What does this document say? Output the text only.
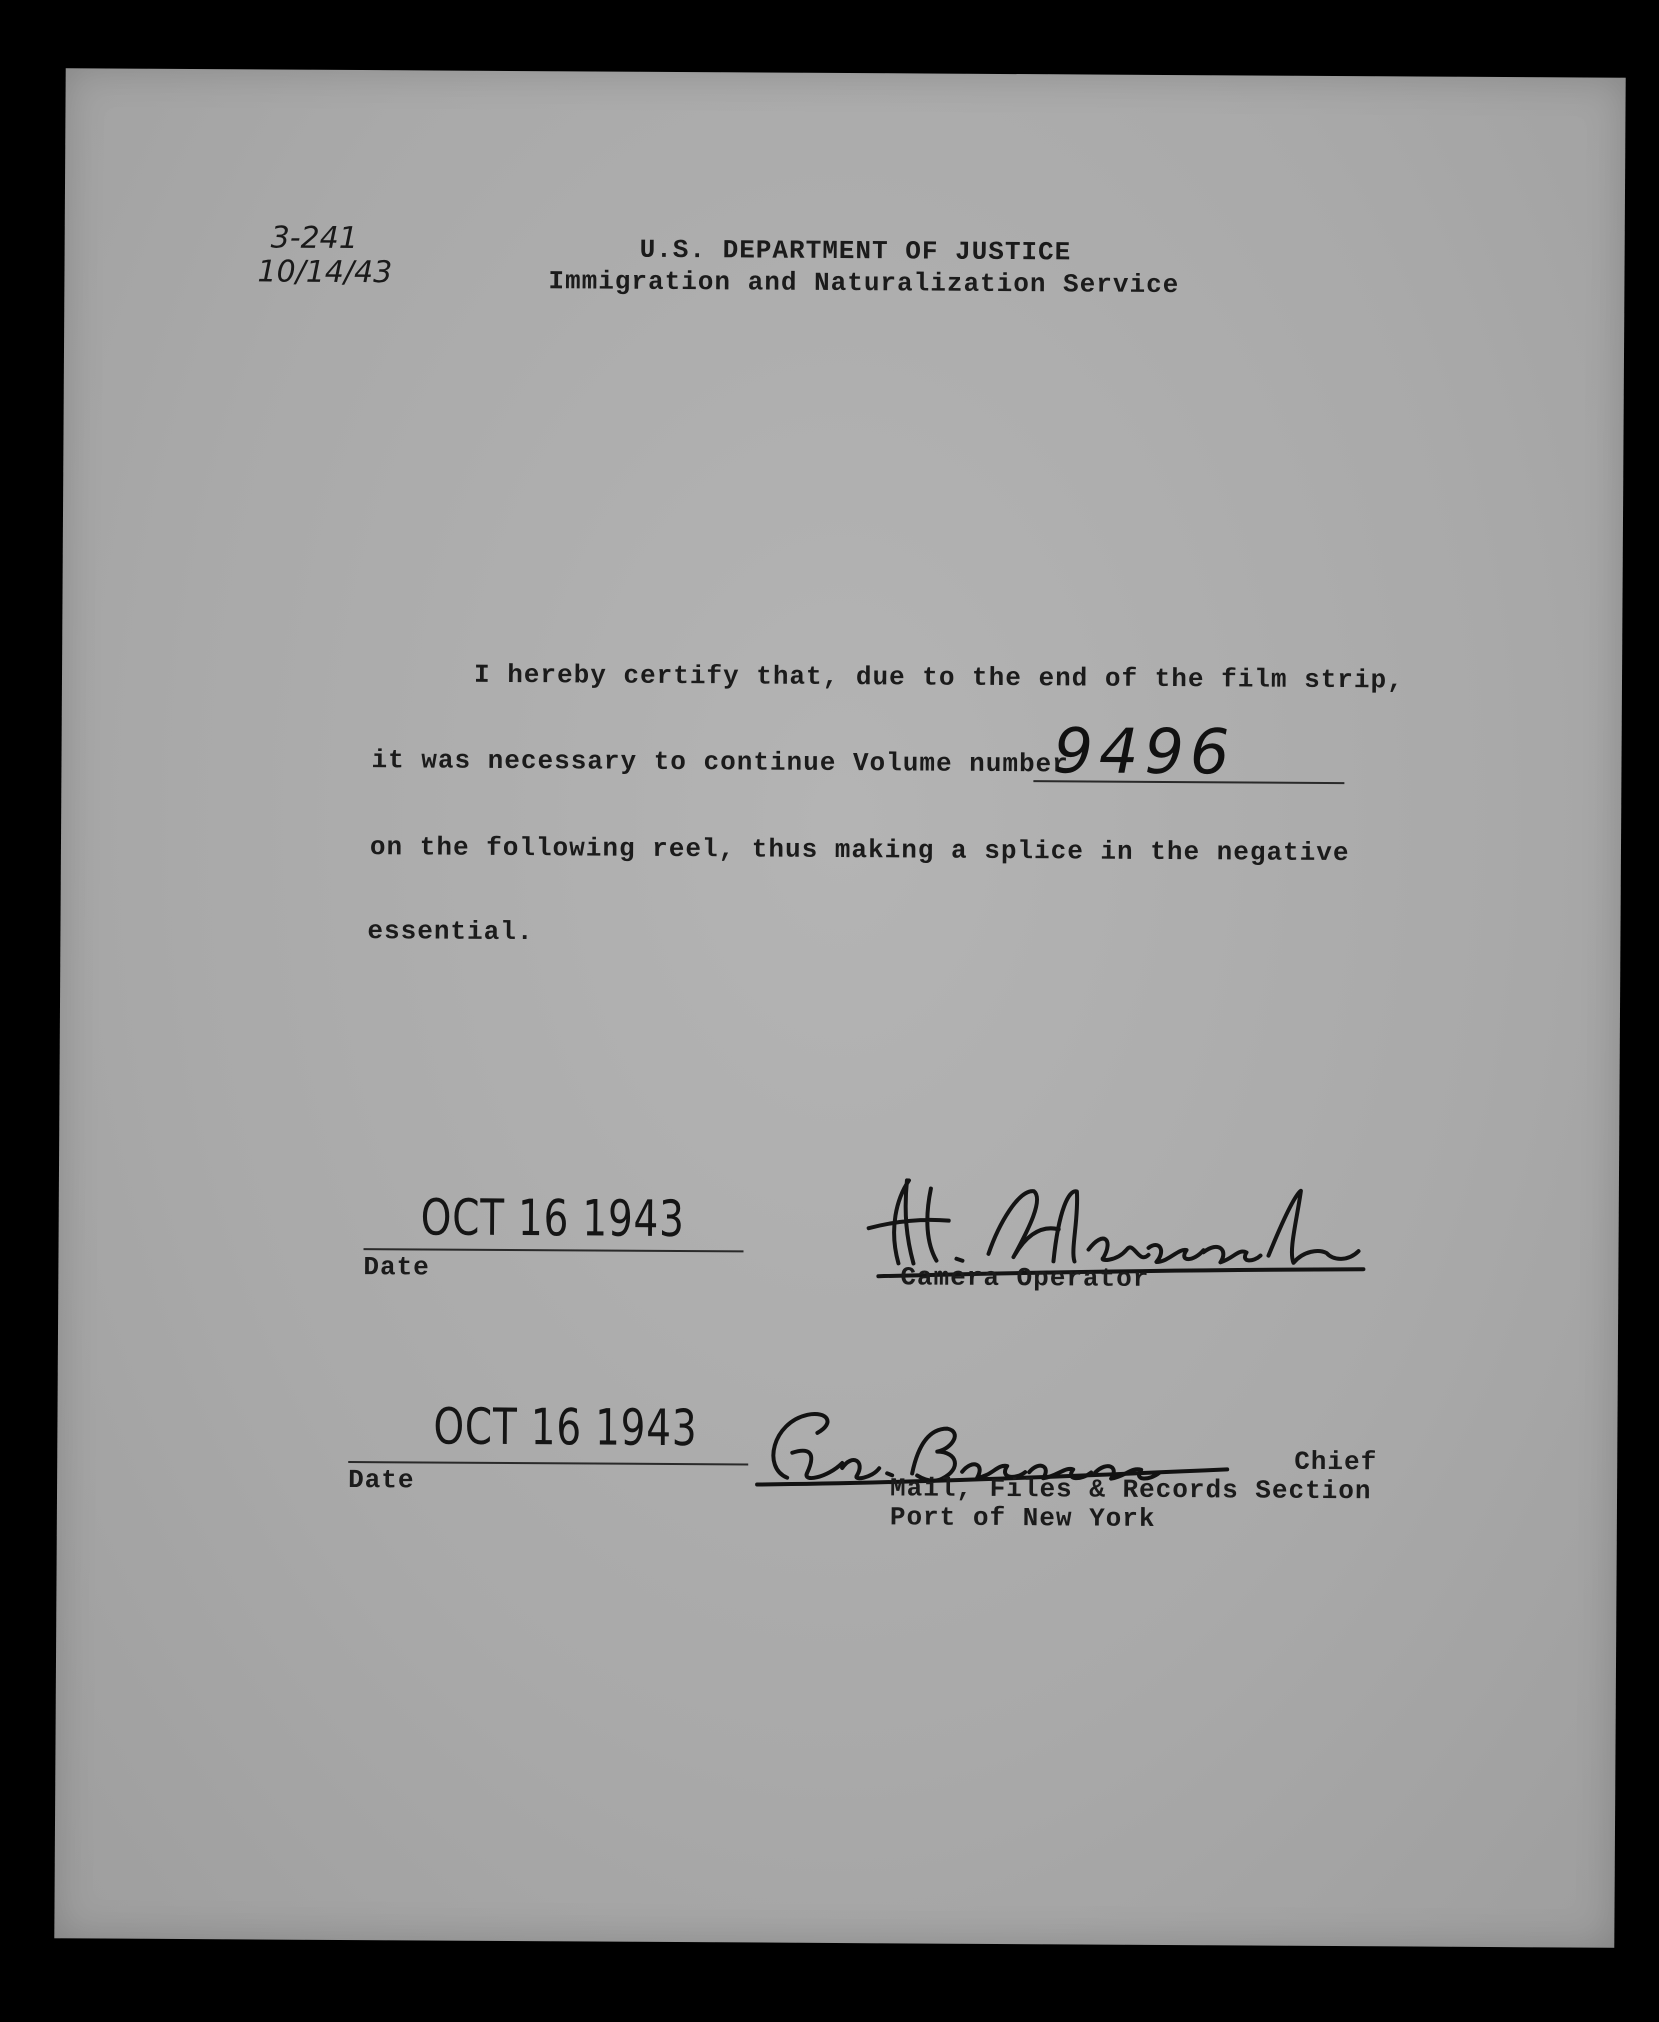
3-241
10/14/43
U.S. DEPARTMENT OF JUSTICE
Immigration and Naturalization Service
I hereby certify that, due to the end of the film strip,
it was necessary to continue Volume number
9496
on the following reel, thus making a splice in the negative
essential.
OCT 16 1943
Date	Camera Operator
OCT 16 1943
Date
Chief
Mail, Files & Records Section
Port of New York
